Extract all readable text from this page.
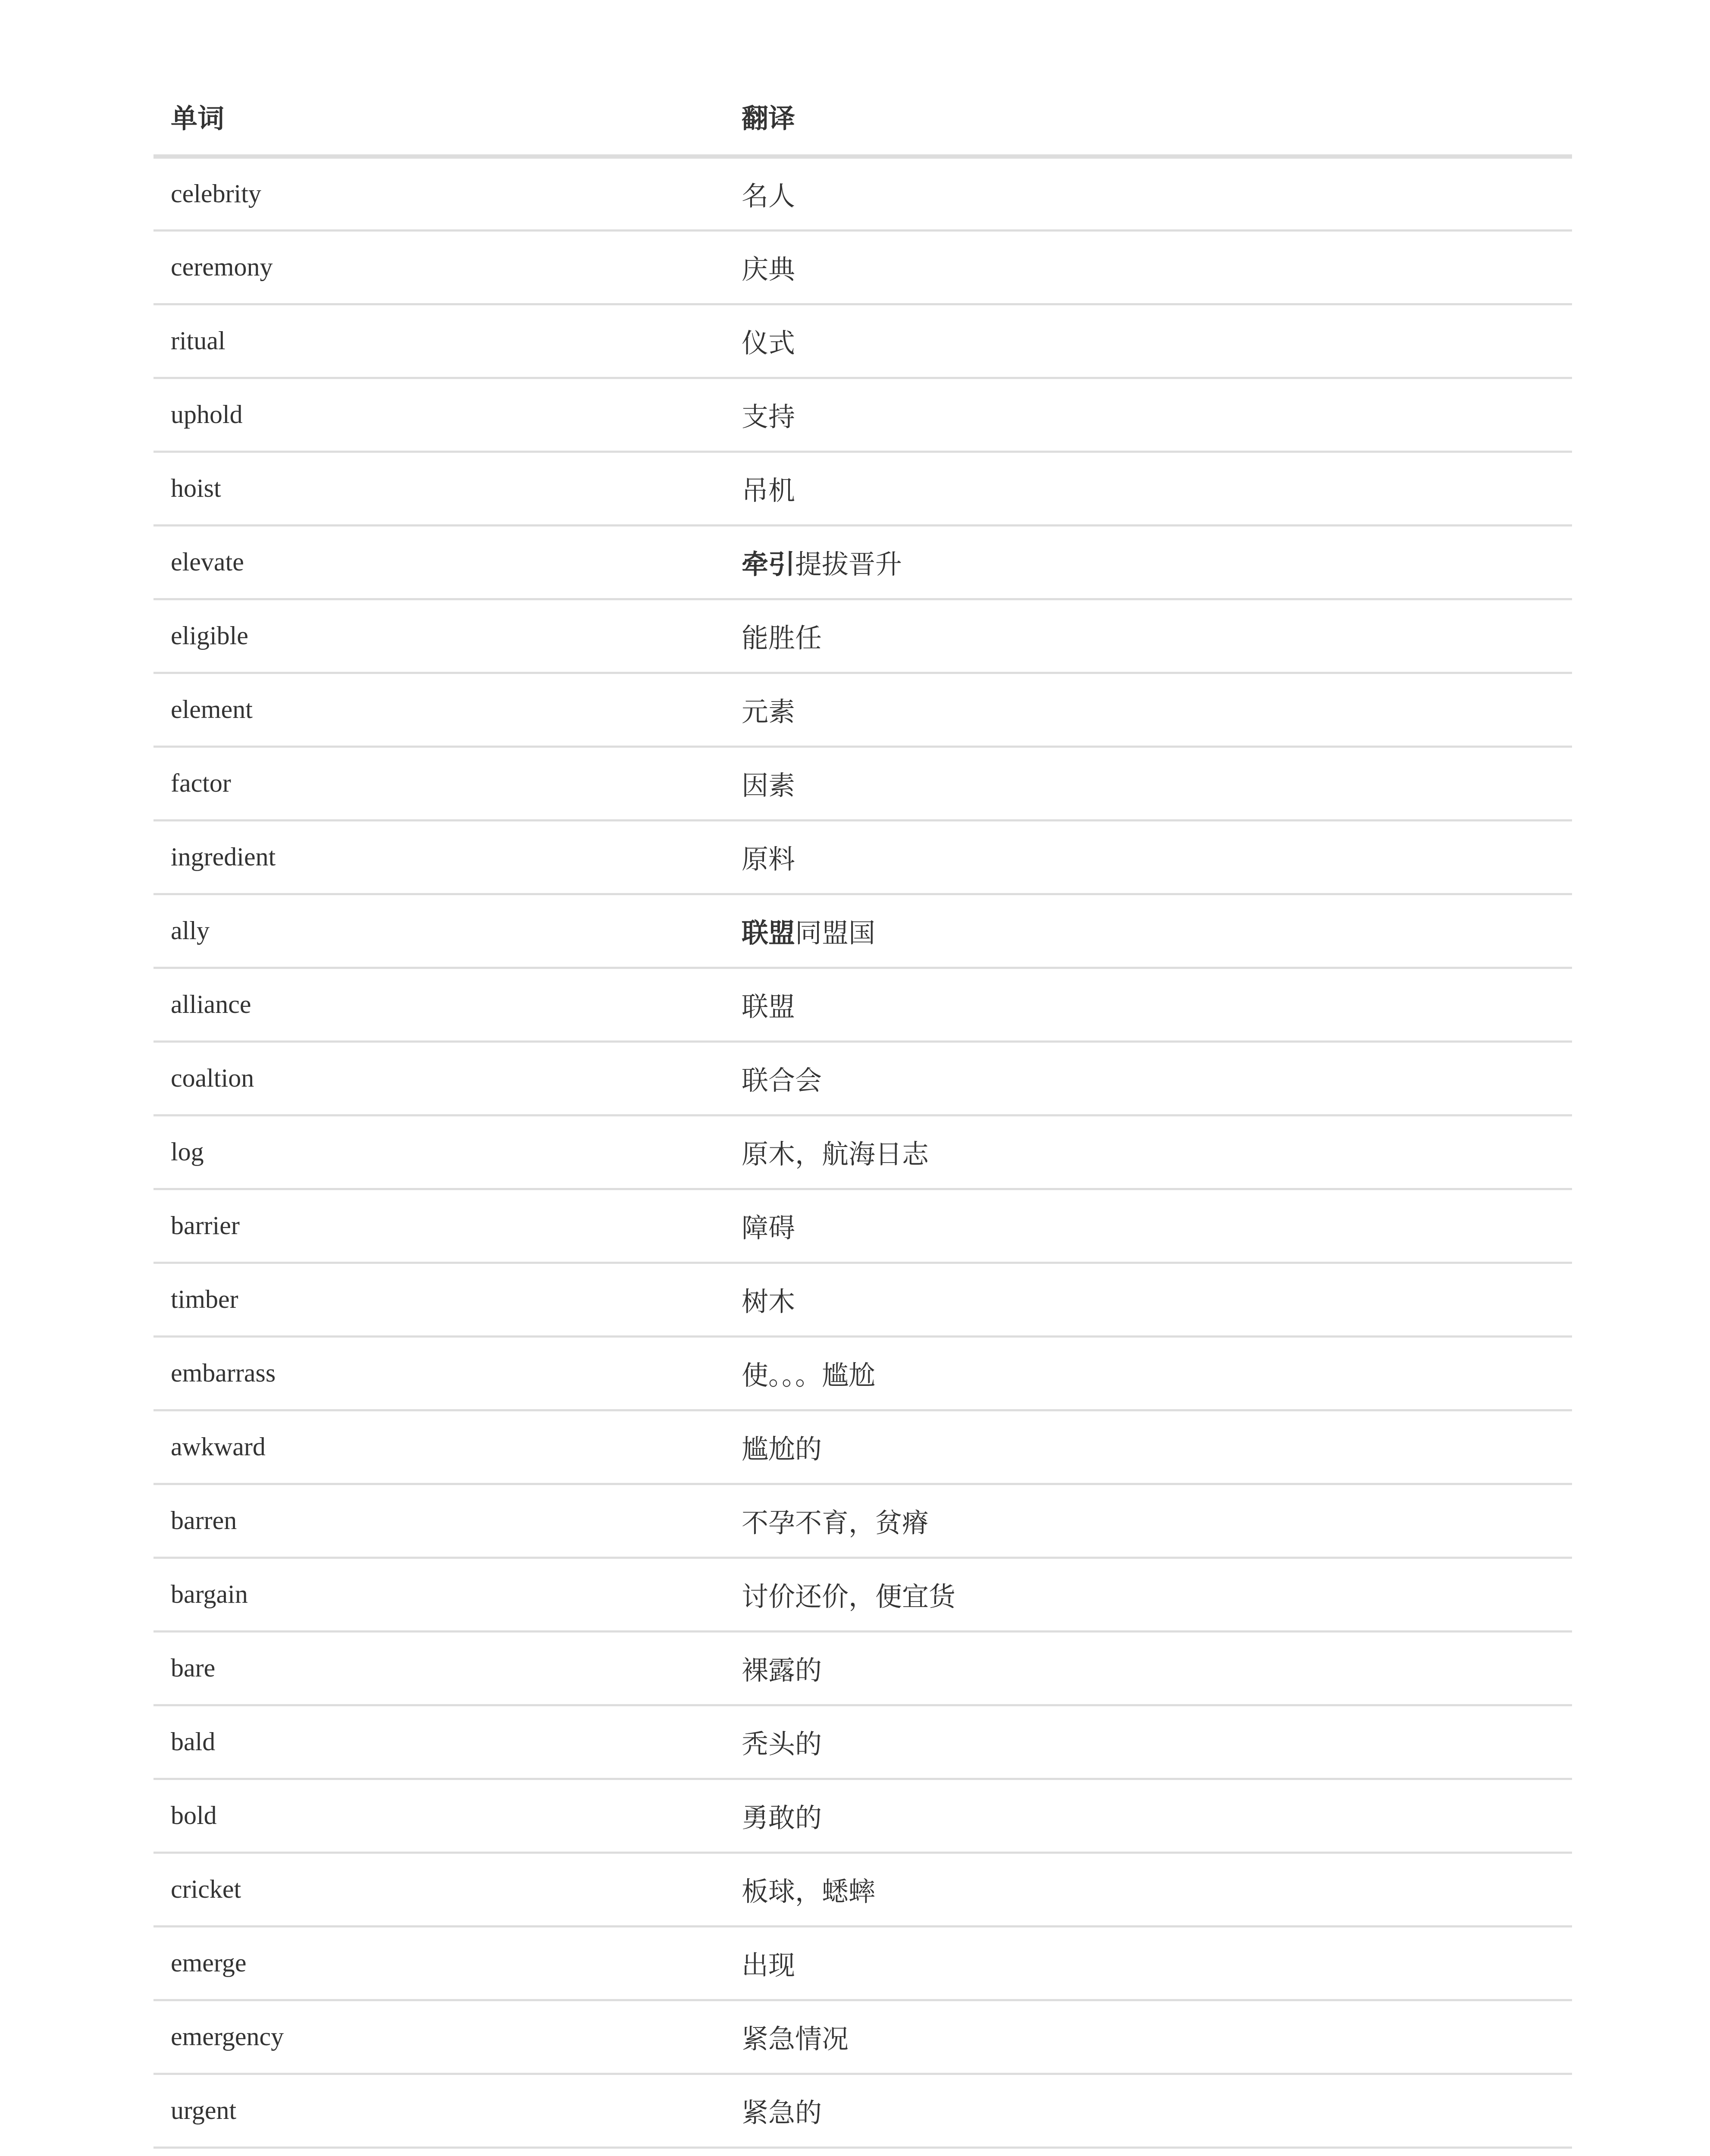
单词	翻译
celebrity	名人
ceremony	庆典
ritual	仪式
uphold	支持
hoist	吊机
elevate	牵引提拔晋升
eligible	能胜任
element	元素
factor	因素
ingredient	原料
ally	联盟同盟国
alliance	联盟
coaltion	联合会
log	原木，航海日志
barrier	障碍
timber	树木
embarrass	使。。。尴尬
awkward	尴尬的
barren	不孕不育，贫瘠
bargain	讨价还价，便宜货
bare	裸露的
bald	秃头的
bold	勇敢的
cricket	板球，蟋蟀
emerge	出现
emergency	紧急情况
urgent	紧急的
